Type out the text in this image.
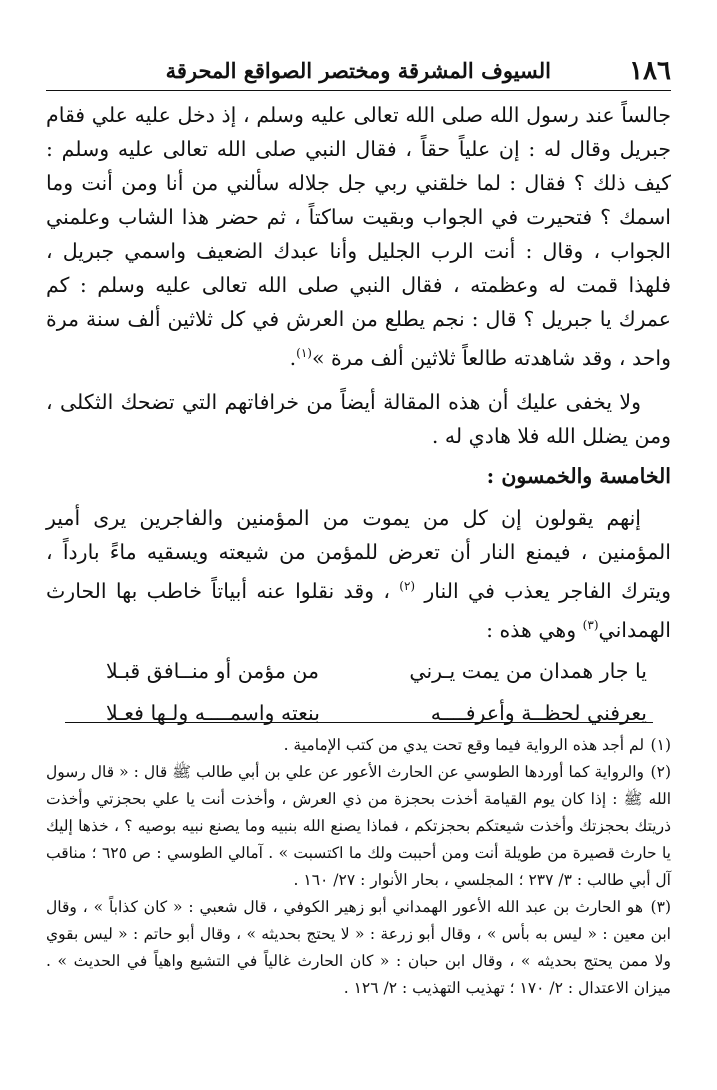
١٨٦
السيوف المشرقة ومختصر الصواقع المحرقة

جالساً عند رسول الله صلى الله تعالى عليه وسلم ، إذ دخل عليه علي فقام جبريل وقال له : إن علياً حقاً ، فقال النبي صلى الله تعالى عليه وسلم : كيف ذلك ؟ فقال : لما خلقني ربي جل جلاله سألني من أنا ومن أنت وما اسمك ؟ فتحيرت في الجواب وبقيت ساكتاً ، ثم حضر هذا الشاب وعلمني الجواب ، وقال : أنت الرب الجليل وأنا عبدك الضعيف واسمي جبريل ، فلهذا قمت له وعظمته ، فقال النبي صلى الله تعالى عليه وسلم : كم عمرك يا جبريل ؟ قال : نجم يطلع من العرش في كل ثلاثين ألف سنة مرة واحد ، وقد شاهدته طالعاً ثلاثين ألف مرة »$^{(١)}$.

ولا يخفى عليك أن هذه المقالة أيضاً من خرافاتهم التي تضحك الثكلى ، ومن يضلل الله فلا هادي له .

الخامسة والخمسون :

إنهم يقولون إن كل من يموت من المؤمنين والفاجرين يرى أمير المؤمنين ، فيمنع النار أن تعرض للمؤمن من شيعته ويسقيه ماءً بارداً ، ويترك الفاجر يعذب في النار $^{(٢)}$ ، وقد نقلوا عنه أبياتاً خاطب بها الحارث الهمداني$^{(٣)}$ وهي هذه :

يا جار همدان من يمت يـرني
من مؤمن أو منــافق قبـلا
يعرفني لحظــة وأعرفــــه
بنعته واسمــــه ولـها فعـلا

(١) لم أجد هذه الرواية فيما وقع تحت يدي من كتب الإمامية .

(٢) والرواية كما أوردها الطوسي عن الحارث الأعور عن علي بن أبي طالب ﷺ قال : « قال رسول الله ﷺ : إذا كان يوم القيامة أخذت بحجزة من ذي العرش ، وأخذت أنت يا علي بحجزتي وأخذت ذريتك بحجزتك وأخذت شيعتكم بحجزتكم ، فماذا يصنع الله بنبيه وما يصنع نبيه بوصيه ؟ ، خذها إليك يا حارث قصيرة من طويلة أنت ومن أحببت ولك ما اكتسبت » . آمالي الطوسي : ص ٦٢٥ ؛ مناقب آل أبي طالب : ٣/ ٢٣٧ ؛ المجلسي ، بحار الأنوار : ٢٧/ ١٦٠ .

(٣) هو الحارث بن عبد الله الأعور الهمداني أبو زهير الكوفي ، قال شعبي : « كان كذاباً » ، وقال ابن معين : « ليس به بأس » ، وقال أبو زرعة : « لا يحتج بحديثه » ، وقال أبو حاتم : « ليس بقوي ولا ممن يحتج بحديثه » ، وقال ابن حبان : « كان الحارث غالياً في التشيع واهياً في الحديث » . ميزان الاعتدال : ٢/ ١٧٠ ؛ تهذيب التهذيب : ٢/ ١٢٦ .
